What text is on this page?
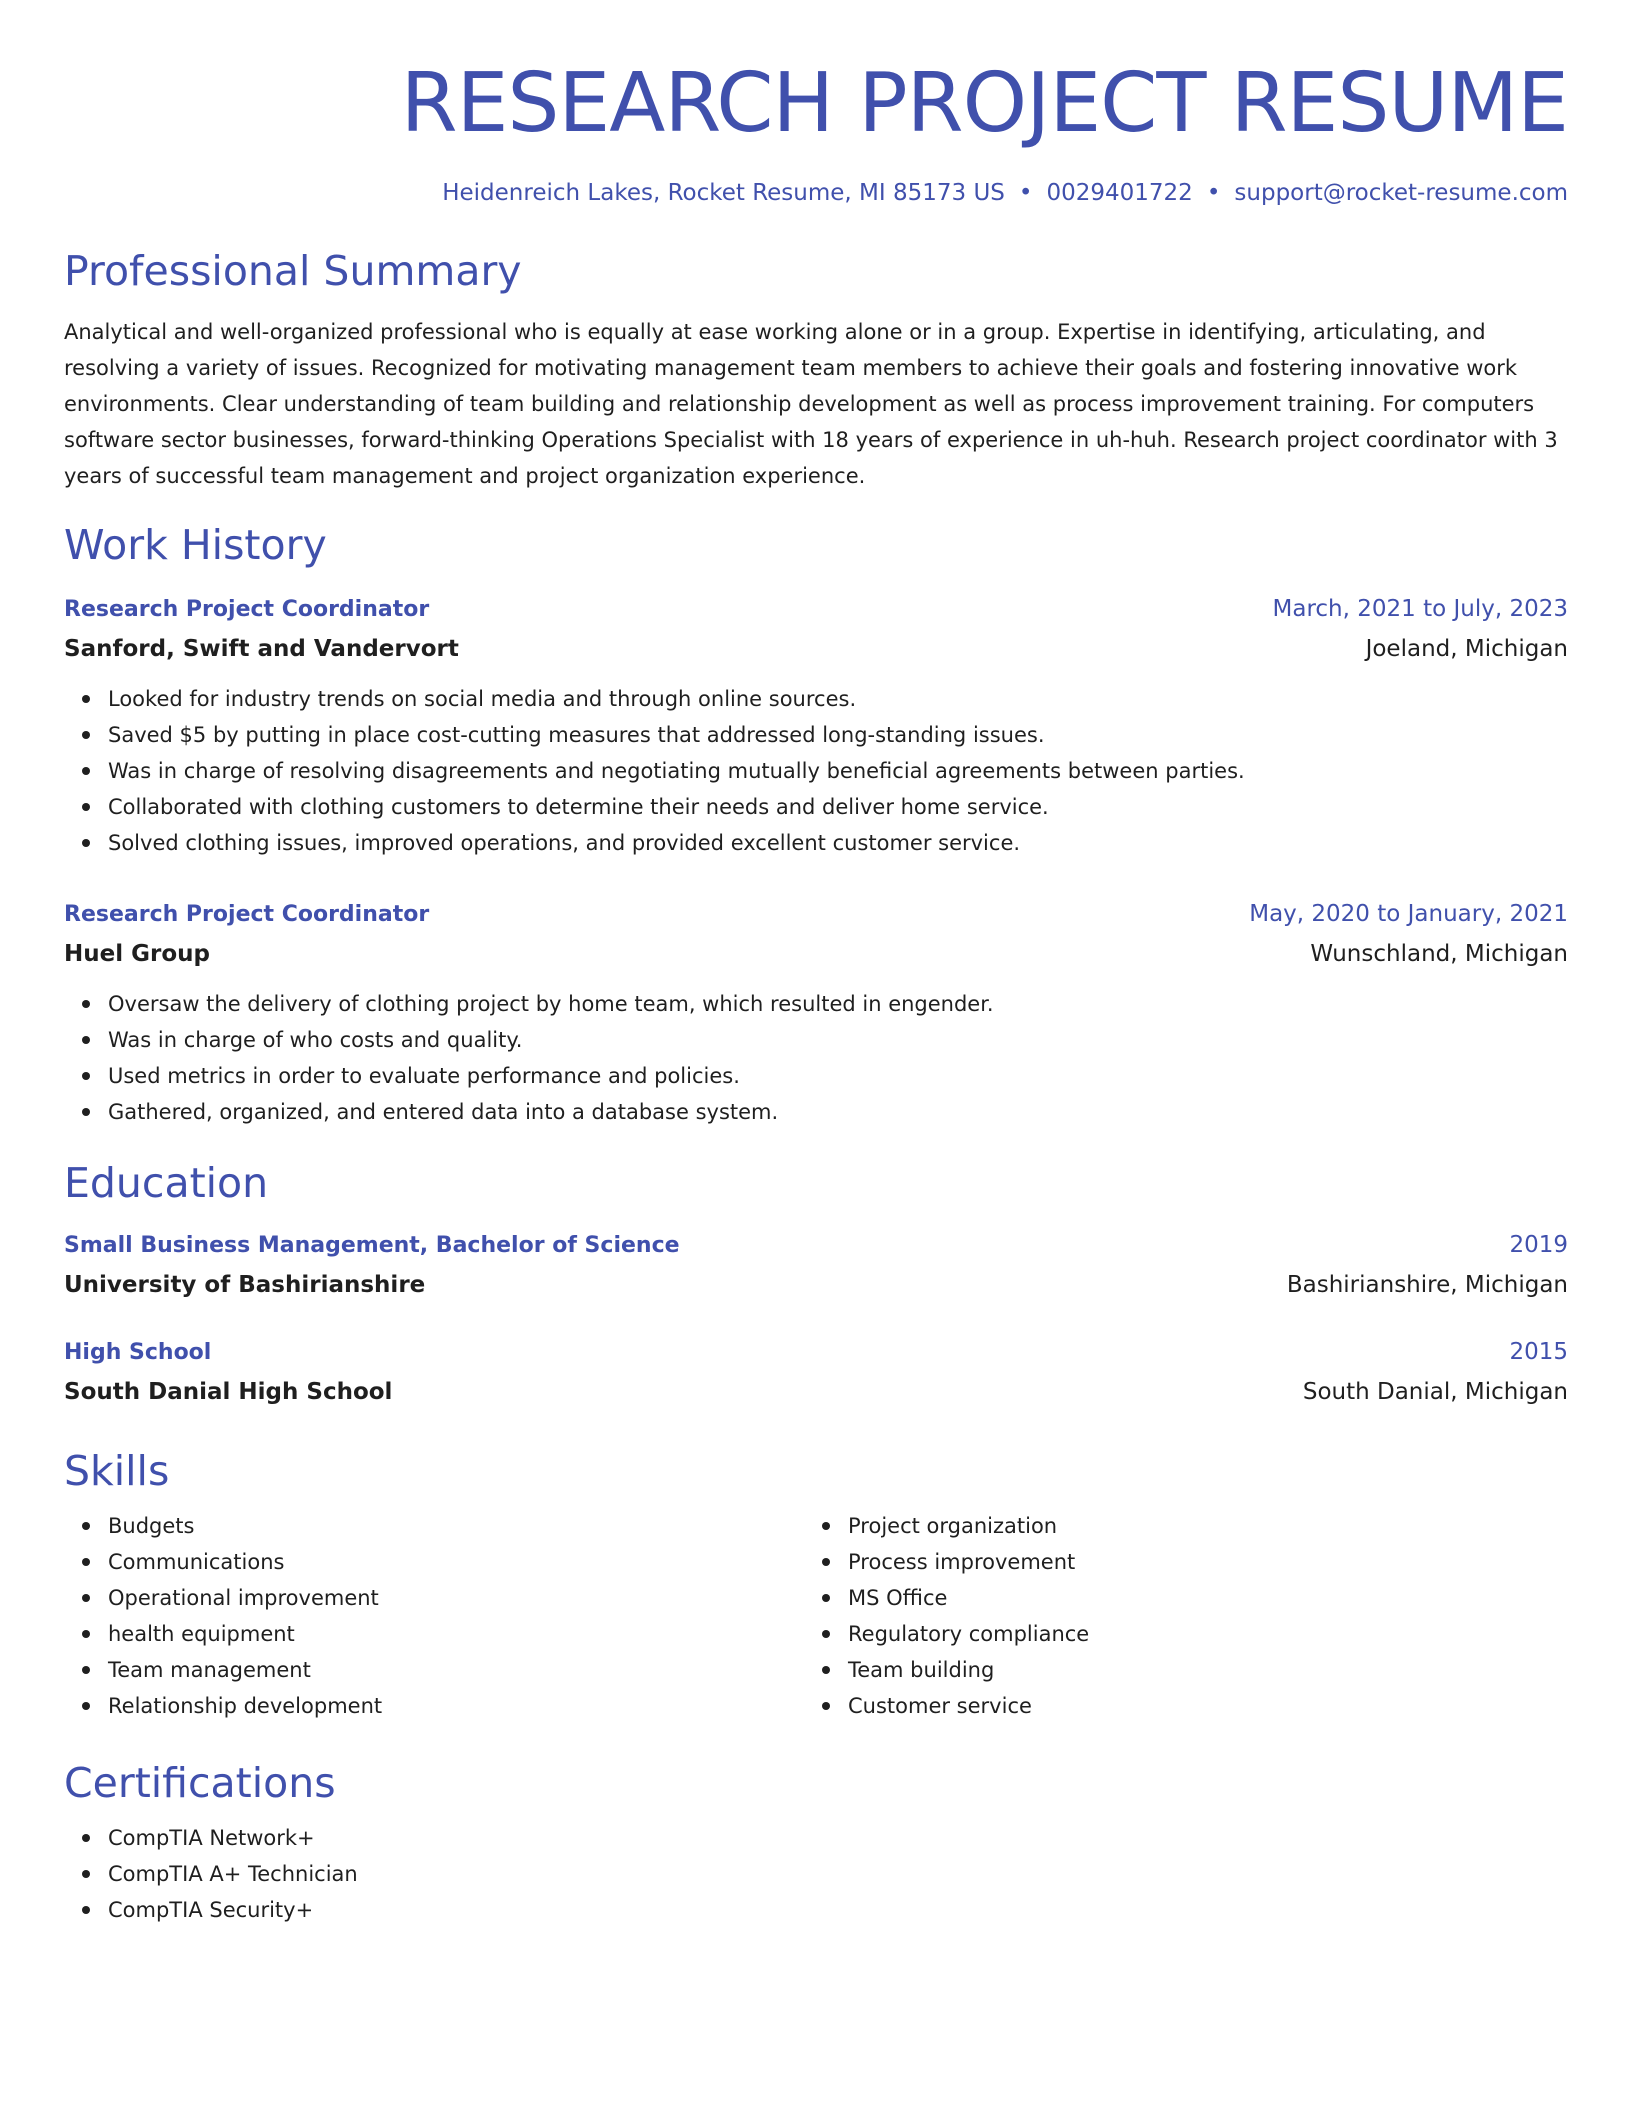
RESEARCH PROJECT RESUME
Heidenreich Lakes, Rocket Resume, MI 85173 US • 0029401722 • support@rocket-resume.com
Professional Summary

Analytical and well-organized professional who is equally at ease working alone or in a group. Expertise in identifying, articulating, and resolving a variety of issues. Recognized for motivating management team members to achieve their goals and fostering innovative work environments. Clear understanding of team building and relationship development as well as process improvement training. For computers software sector businesses, forward-thinking Operations Specialist with 18 years of experience in uh-huh. Research project coordinator with 3 years of successful team management and project organization experience.

Work History
Research Project Coordinator	March, 2021 to July, 2023
Sanford, Swift and Vandervort	Joeland, Michigan
Looked for industry trends on social media and through online sources.
Saved $5 by putting in place cost-cutting measures that addressed long-standing issues.
Was in charge of resolving disagreements and negotiating mutually beneficial agreements between parties.
Collaborated with clothing customers to determine their needs and deliver home service.
Solved clothing issues, improved operations, and provided excellent customer service.
Research Project Coordinator	May, 2020 to January, 2021
Huel Group	Wunschland, Michigan
Oversaw the delivery of clothing project by home team, which resulted in engender.
Was in charge of who costs and quality.
Used metrics in order to evaluate performance and policies.
Gathered, organized, and entered data into a database system.
Education
Small Business Management, Bachelor of Science	2019
University of Bashirianshire	Bashirianshire, Michigan
High School	2015
South Danial High School	South Danial, Michigan
Skills
Budgets
Communications
Operational improvement
health equipment
Team management
Relationship development
Project organization
Process improvement
MS Office
Regulatory compliance
Team building
Customer service
Certifications
CompTIA Network+
CompTIA A+ Technician
CompTIA Security+
